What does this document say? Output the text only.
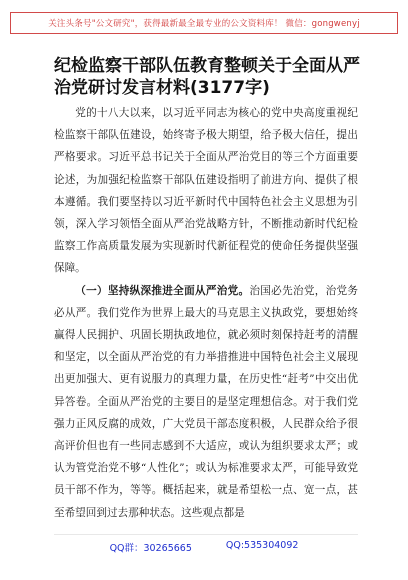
关注头条号"公文研究"，获得最新最全最专业的公文资料库！ 微信：gongwenyj
纪检监察干部队伍教育整顿关于全面从严治党研讨发言材料(3177字)

党的十八大以来，以习近平同志为核心的党中央高度重视纪检监察干部队伍建设，始终寄予极大期望，给予极大信任，提出严格要求。习近平总书记关于全面从严治党目的等三个方面重要论述，为加强纪检监察干部队伍建设指明了前进方向、提供了根本遵循。我们要坚持以习近平新时代中国特色社会主义思想为引领，深入学习领悟全面从严治党战略方针，不断推动新时代纪检监察工作高质量发展为实现新时代新征程党的使命任务提供坚强保障。

（一）坚持纵深推进全面从严治党。治国必先治党，治党务必从严。我们党作为世界上最大的马克思主义执政党，要想始终赢得人民拥护、巩固长期执政地位，就必须时刻保持赶考的清醒和坚定，以全面从严治党的有力举措推进中国特色社会主义展现出更加强大、更有说服力的真理力量，在历史性“赶考”中交出优异答卷。全面从严治党的主要目的是坚定理想信念。对于我们党强力正风反腐的成效，广大党员干部态度积极，人民群众给予很高评价但也有一些同志感到不大适应，或认为组织要求太严；或认为管党治党不够“人性化”；或认为标准要求太严，可能导致党员干部不作为，等等。概括起来，就是希望松一点、宽一点，甚至希望回到过去那种状态。这些观点都是

QQ群：30265665	QQ:535304092
